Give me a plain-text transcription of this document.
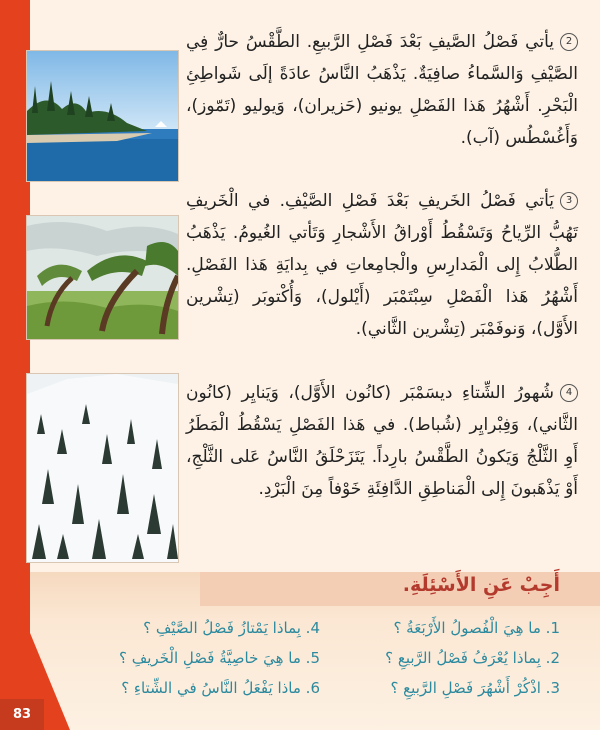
2يأتي فَصْلُ الصَّيفِ بَعْدَ فَصْلِ الرَّبيعِ. الطَّقْسُ حارٌّ فِي الصَّيْفِ وَالسَّماءُ صافِيَةٌ. يَذْهَبُ النَّاسُ عادَةً إلَى شَواطِئِ الْبَحْرِ. أَشْهُرُ هَذا الفَصْلِ يونيو (حَزيران)، وَيوليو (تَمّوز)، وَأَغُسْطُس (آب).
3يَأتي فَصْلُ الخَريفِ بَعْدَ فَصْلِ الصَّيْفِ. في الْخَريفِ تَهُبُّ الرِّياحُ وَتَسْقُطُ أَوْراقُ الأَشْجارِ وَتَأتي الغُيومُ. يَذْهَبُ الطُّلابُ إِلى الْمَدارِسِ والْجامِعاتِ في بِدايَةِ هَذا الفَصْلِ. أَشْهُرُ هَذا الْفَصْلِ سِبْتَمْبَر (أَيْلول)، وَأُكْتوبَر (تِشْرين الأَوَّل)، وَنوفَمْبَر (تِشْرين الثَّاني).
4شُهورُ الشِّتاءِ ديسَمْبَر (كانُون الأَوَّل)، وَيَنايِر (كانُون الثَّاني)، وَفِبْرايِر (شُباط). في هَذا الفَصْلِ يَسْقُطُ الْمَطَرُ أَوِ الثَّلْجُ وَيَكونُ الطَّقْسُ بارِداً. يَتَزَحْلَقُ النَّاسُ عَلى الثَّلْجِ، أَوْ يَذْهَبونَ إِلى الْمَناطِقِ الدَّافِئَةِ خَوْفاً مِنَ الْبَرْدِ.
أَجِبْ عَنِ الأَسْئِلَةِ.
1. ما هِيَ الْفُصولُ الأَرْبَعَةُ ؟
2. بِماذا يُعْرَفُ فَصْلُ الرَّبيعِ ؟
3. اذْكُرْ أَشْهُرَ فَصْلِ الرَّبيعِ ؟
4. بِماذا يَمْتازُ فَصْلُ الصَّيْفِ ؟
5. ما هِيَ خاصِيَّةُ فَصْلِ الْخَريفِ ؟
6. ماذا يَفْعَلُ النَّاسُ في الشِّتاءِ ؟
83
